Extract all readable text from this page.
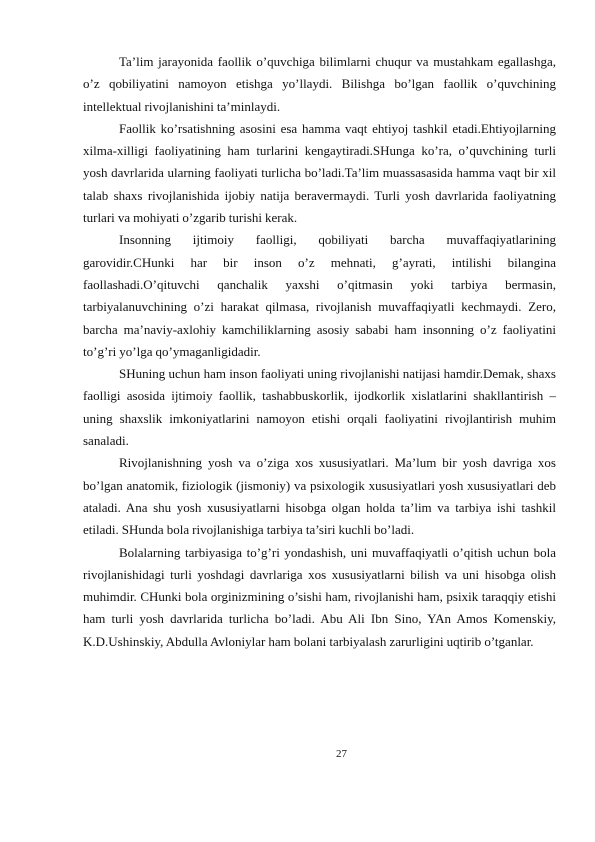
Ta’lim jarayonida faollik o’quvchiga bilimlarni chuqur va mustahkam egallashga, o’z qobiliyatini namoyon etishga yo’llaydi. Bilishga bo’lgan faollik o’quvchining intellektual rivojlanishini ta’minlaydi.

Faollik ko’rsatishning asosini esa hamma vaqt ehtiyoj tashkil etadi.Ehtiyojlarning xilma-xilligi faoliyatining ham turlarini kengaytiradi.SHunga ko’ra, o’quvchining turli yosh davrlarida ularning faoliyati turlicha bo’ladi.Ta’lim muassasasida hamma vaqt bir xil talab shaxs rivojlanishida ijobiy natija beravermaydi. Turli yosh davrlarida faoliyatning turlari va mohiyati o’zgarib turishi kerak.

Insonning ijtimoiy faolligi, qobiliyati barcha muvaffaqiyatlarining garovidir.CHunki har bir inson o’z mehnati, g’ayrati, intilishi bilangina faollashadi.O’qituvchi qanchalik yaxshi o’qitmasin yoki tarbiya bermasin, tarbiyalanuvchining o’zi harakat qilmasa, rivojlanish muvaffaqiyatli kechmaydi. Zero, barcha ma’naviy-axlohiy kamchiliklarning asosiy sababi ham insonning o’z faoliyatini to’g’ri yo’lga qo’ymaganligidadir.

SHuning uchun ham inson faoliyati uning rivojlanishi natijasi hamdir.Demak, shaxs faolligi asosida ijtimoiy faollik, tashabbuskorlik, ijodkorlik xislatlarini shakllantirish – uning shaxslik imkoniyatlarini namoyon etishi orqali faoliyatini rivojlantirish muhim sanaladi.

Rivojlanishning yosh va o’ziga xos xususiyatlari. Ma’lum bir yosh davriga xos bo’lgan anatomik, fiziologik (jismoniy) va psixologik xususiyatlari yosh xususiyatlari deb ataladi. Ana shu yosh xususiyatlarni hisobga olgan holda ta’lim va tarbiya ishi tashkil etiladi. SHunda bola rivojlanishiga tarbiya ta’siri kuchli bo’ladi.

Bolalarning tarbiyasiga to’g’ri yondashish, uni muvaffaqiyatli o’qitish uchun bola rivojlanishidagi turli yoshdagi davrlariga xos xususiyatlarni bilish va uni hisobga olish muhimdir. CHunki bola orginizmining o’sishi ham, rivojlanishi ham, psixik taraqqiy etishi ham turli yosh davrlarida turlicha bo’ladi. Abu Ali Ibn Sino, YAn Amos Komenskiy, K.D.Ushinskiy, Abdulla Avloniylar ham bolani tarbiyalash zarurligini uqtirib o’tganlar.

27
